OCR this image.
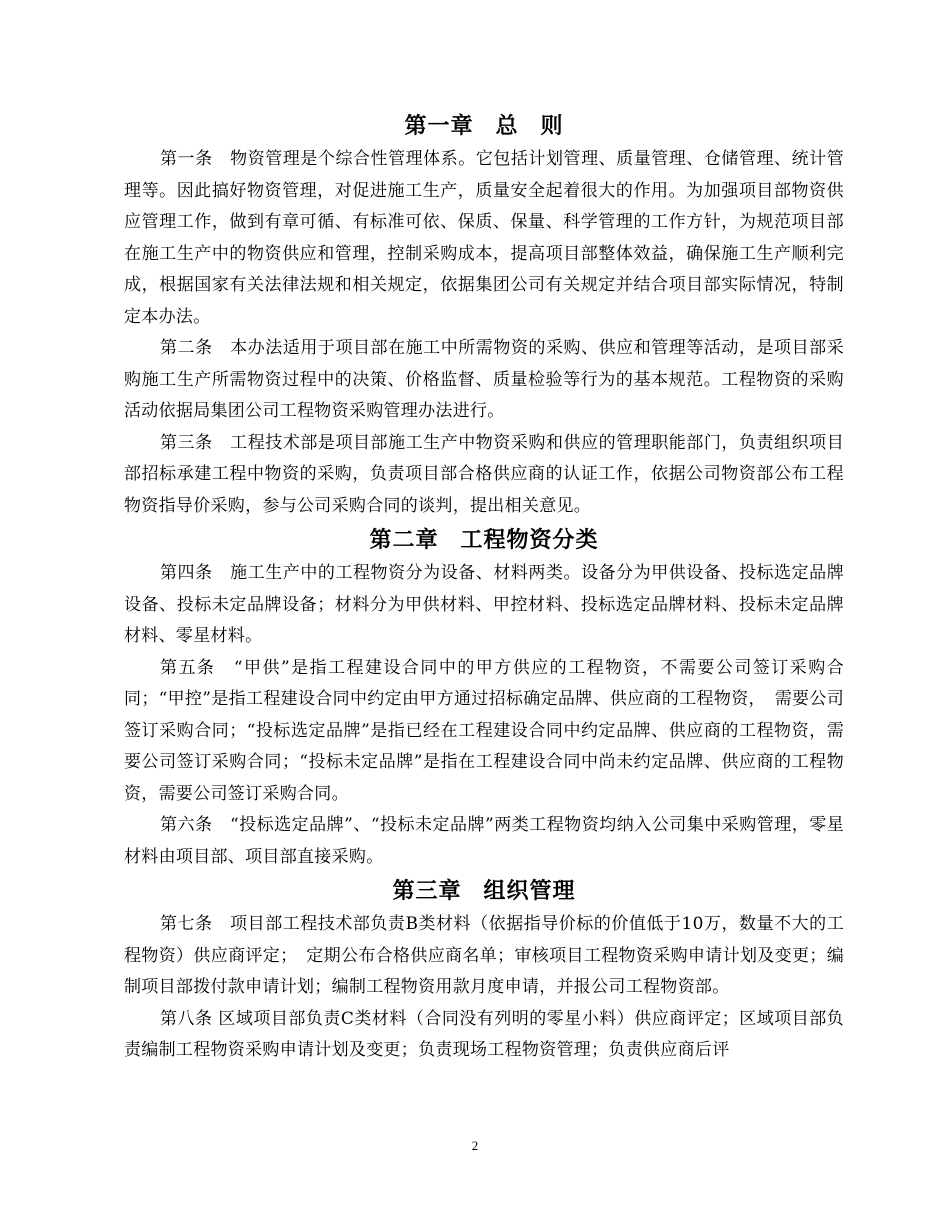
第一章 总 则

第一条　物资管理是个综合性管理体系。它包括计划管理、质量管理、仓储管理、统计管理等。因此搞好物资管理，对促进施工生产，质量安全起着很大的作用。为加强项目部物资供应管理工作，做到有章可循、有标准可依、保质、保量、科学管理的工作方针，为规范项目部在施工生产中的物资供应和管理，控制采购成本，提高项目部整体效益，确保施工生产顺利完成，根据国家有关法律法规和相关规定，依据集团公司有关规定并结合项目部实际情况，特制定本办法。

第二条　本办法适用于项目部在施工中所需物资的采购、供应和管理等活动，是项目部采购施工生产所需物资过程中的决策、价格监督、质量检验等行为的基本规范。工程物资的采购活动依据局集团公司工程物资采购管理办法进行。

第三条　工程技术部是项目部施工生产中物资采购和供应的管理职能部门，负责组织项目部招标承建工程中物资的采购，负责项目部合格供应商的认证工作，依据公司物资部公布工程物资指导价采购，参与公司采购合同的谈判，提出相关意见。

第二章 工程物资分类

第四条　施工生产中的工程物资分为设备、材料两类。设备分为甲供设备、投标选定品牌设备、投标未定品牌设备；材料分为甲供材料、甲控材料、投标选定品牌材料、投标未定品牌材料、零星材料。

第五条　“甲供”是指工程建设合同中的甲方供应的工程物资，不需要公司签订采购合同；“甲控”是指工程建设合同中约定由甲方通过招标确定品牌、供应商的工程物资，　需要公司签订采购合同；“投标选定品牌”是指已经在工程建设合同中约定品牌、供应商的工程物资，需要公司签订采购合同；“投标未定品牌”是指在工程建设合同中尚未约定品牌、供应商的工程物资，需要公司签订采购合同。

第六条　“投标选定品牌”、“投标未定品牌”两类工程物资均纳入公司集中采购管理，零星材料由项目部、项目部直接采购。

第三章 组织管理

第七条　项目部工程技术部负责B类材料（依据指导价标的价值低于10万，数量不大的工程物资）供应商评定；　定期公布合格供应商名单；审核项目工程物资采购申请计划及变更；编制项目部拨付款申请计划；编制工程物资用款月度申请，并报公司工程物资部。

第八条 区域项目部负责C类材料（合同没有列明的零星小料）供应商评定；区域项目部负责编制工程物资采购申请计划及变更；负责现场工程物资管理；负责供应商后评

2
